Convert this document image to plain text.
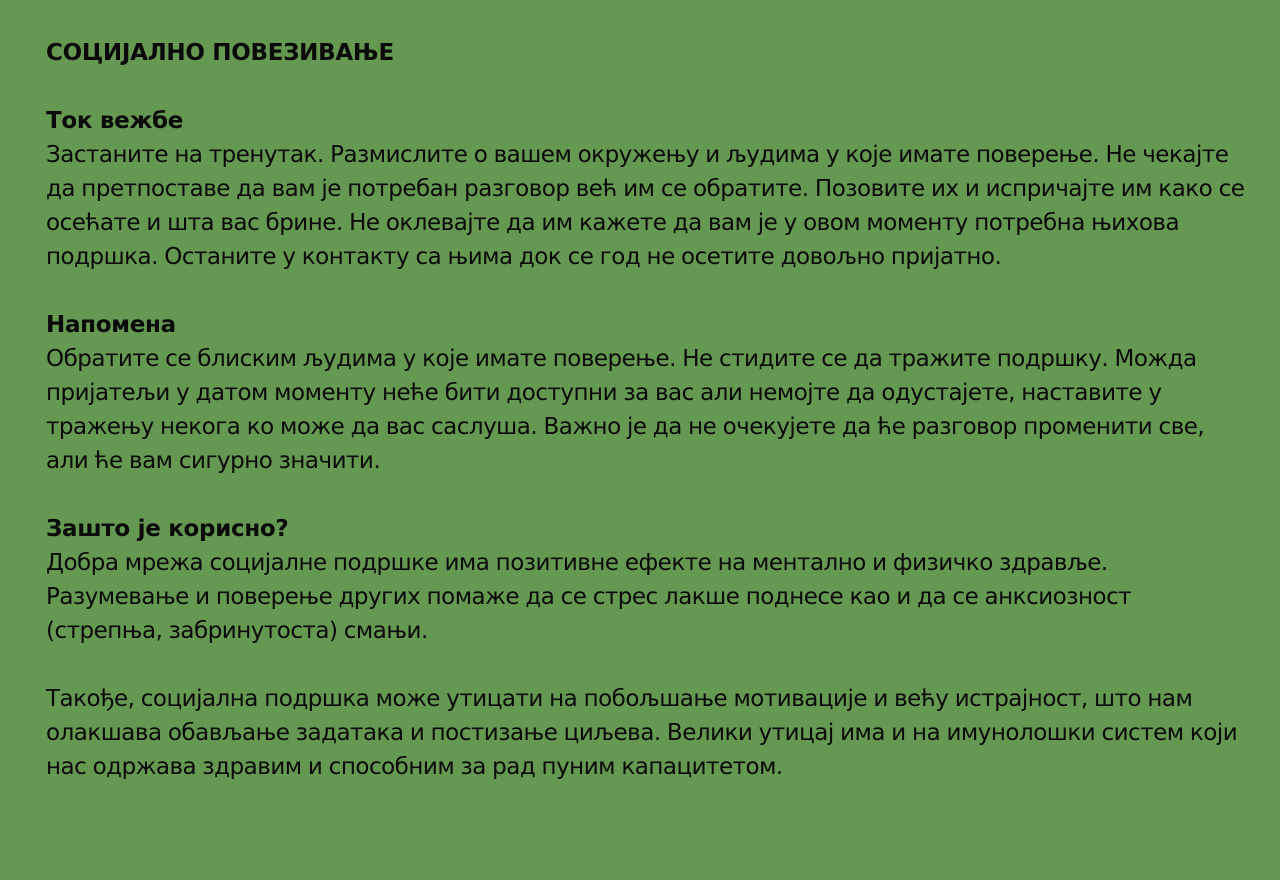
СОЦИЈАЛНО ПОВЕЗИВАЊЕ
Ток вежбе
Застаните на тренутак. Размислите о вашем окружењу и људима у које имате поверење. Не чекајте да претпоставе да вам је потребан разговор већ им се обратите. Позовите их и испричајте им како се осећате и шта вас брине. Не оклевајте да им кажете да вам је у овом моменту потребна њихова подршка. Останите у контакту са њима док се год не осетите довољно пријатно.
Напомена
Обратите се блиским људима у које имате поверење. Не стидите се да тражите подршку. Можда пријатељи у датом моменту неће бити доступни за вас али немојте да одустајете, наставите у тражењу некога ко може да вас саслуша. Важно је да не очекујете да ће разговор променити све, али ће вам сигурно значити.
Зашто је корисно?
Добра мрежа социјалне подршке има позитивне ефекте на ментално и физичко здравље.
Разумевање и поверење других помаже да се стрес лакше поднесе као и да се анксиозност (стрепња, забринутоста) смањи.
Такође, социјална подршка може утицати на побољшање мотивације и већу истрајност, што нам олакшава обављање задатака и постизање циљева. Велики утицај има и на имунолошки систем који нас одржава здравим и способним за рад пуним капацитетом.
